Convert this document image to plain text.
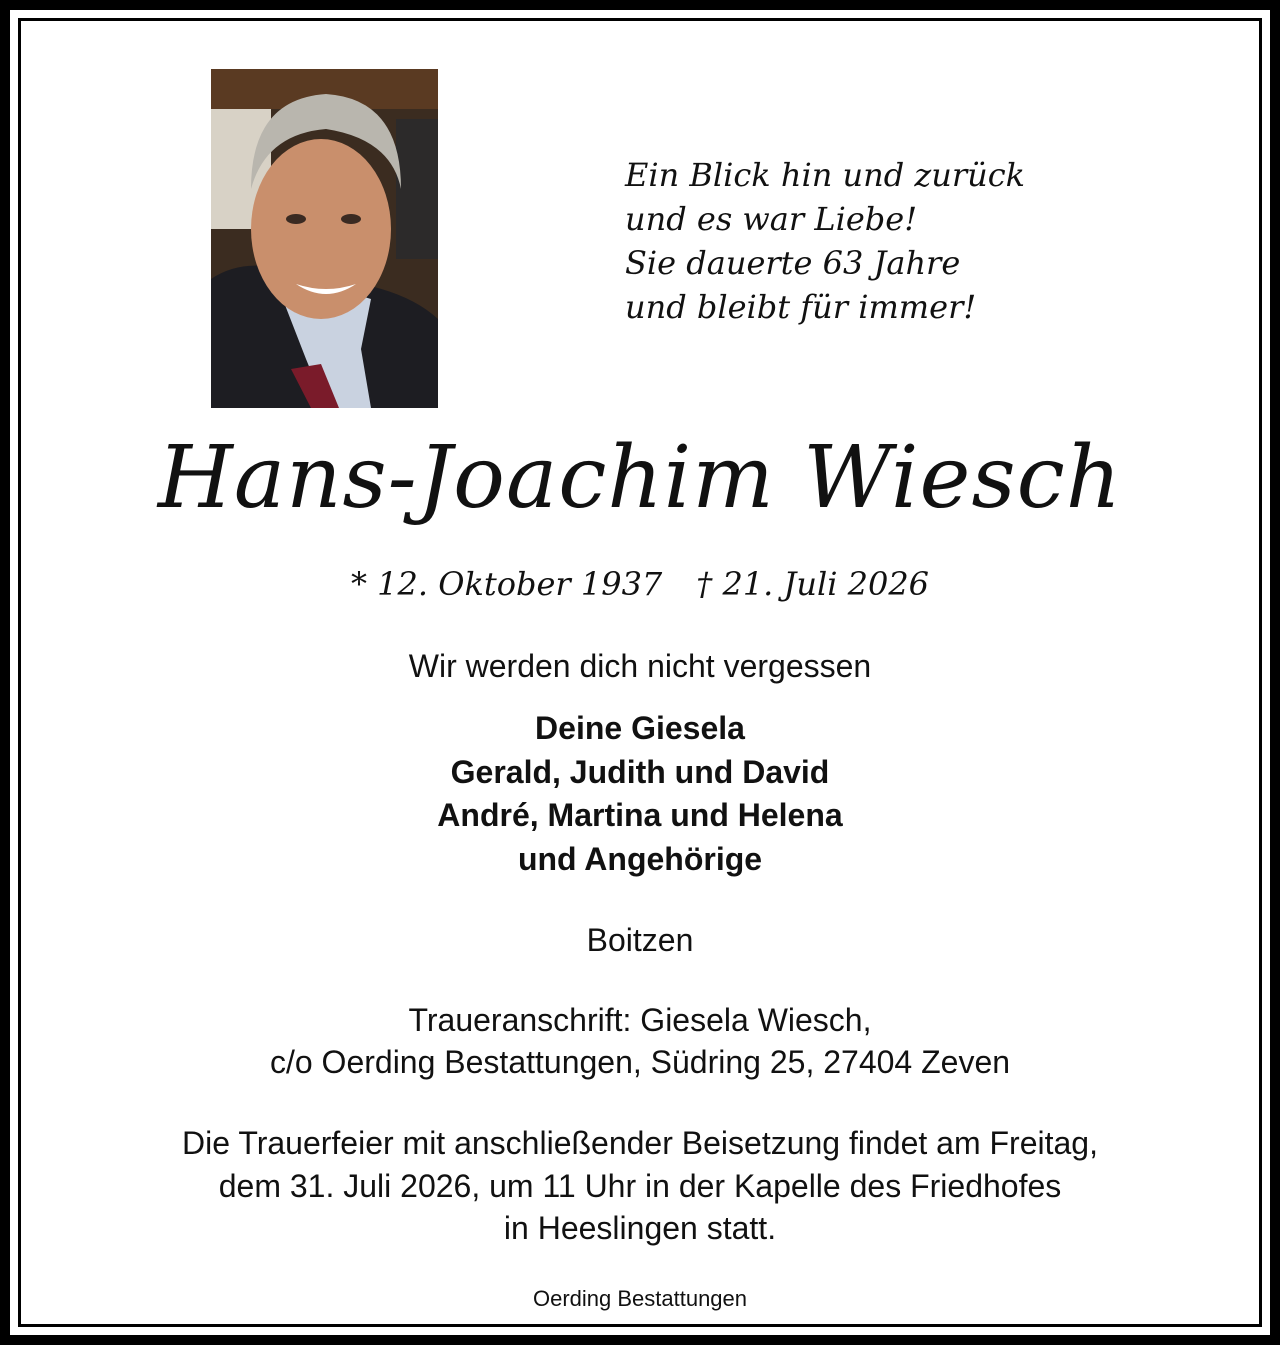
Ein Blick hin und zurück
und es war Liebe!
Sie dauerte 63 Jahre
und bleibt für immer!
Hans-Joachim Wiesch
* 12. Oktober 1937 † 21. Juli 2026
Wir werden dich nicht vergessen
Deine Giesela
Gerald, Judith und David
André, Martina und Helena
und Angehörige
Boitzen
Traueranschrift: Giesela Wiesch,
c/o Oerding Bestattungen, Südring 25, 27404 Zeven
Die Trauerfeier mit anschließender Beisetzung findet am Freitag,
dem 31. Juli 2026, um 11 Uhr in der Kapelle des Friedhofes
in Heeslingen statt.
Oerding Bestattungen
